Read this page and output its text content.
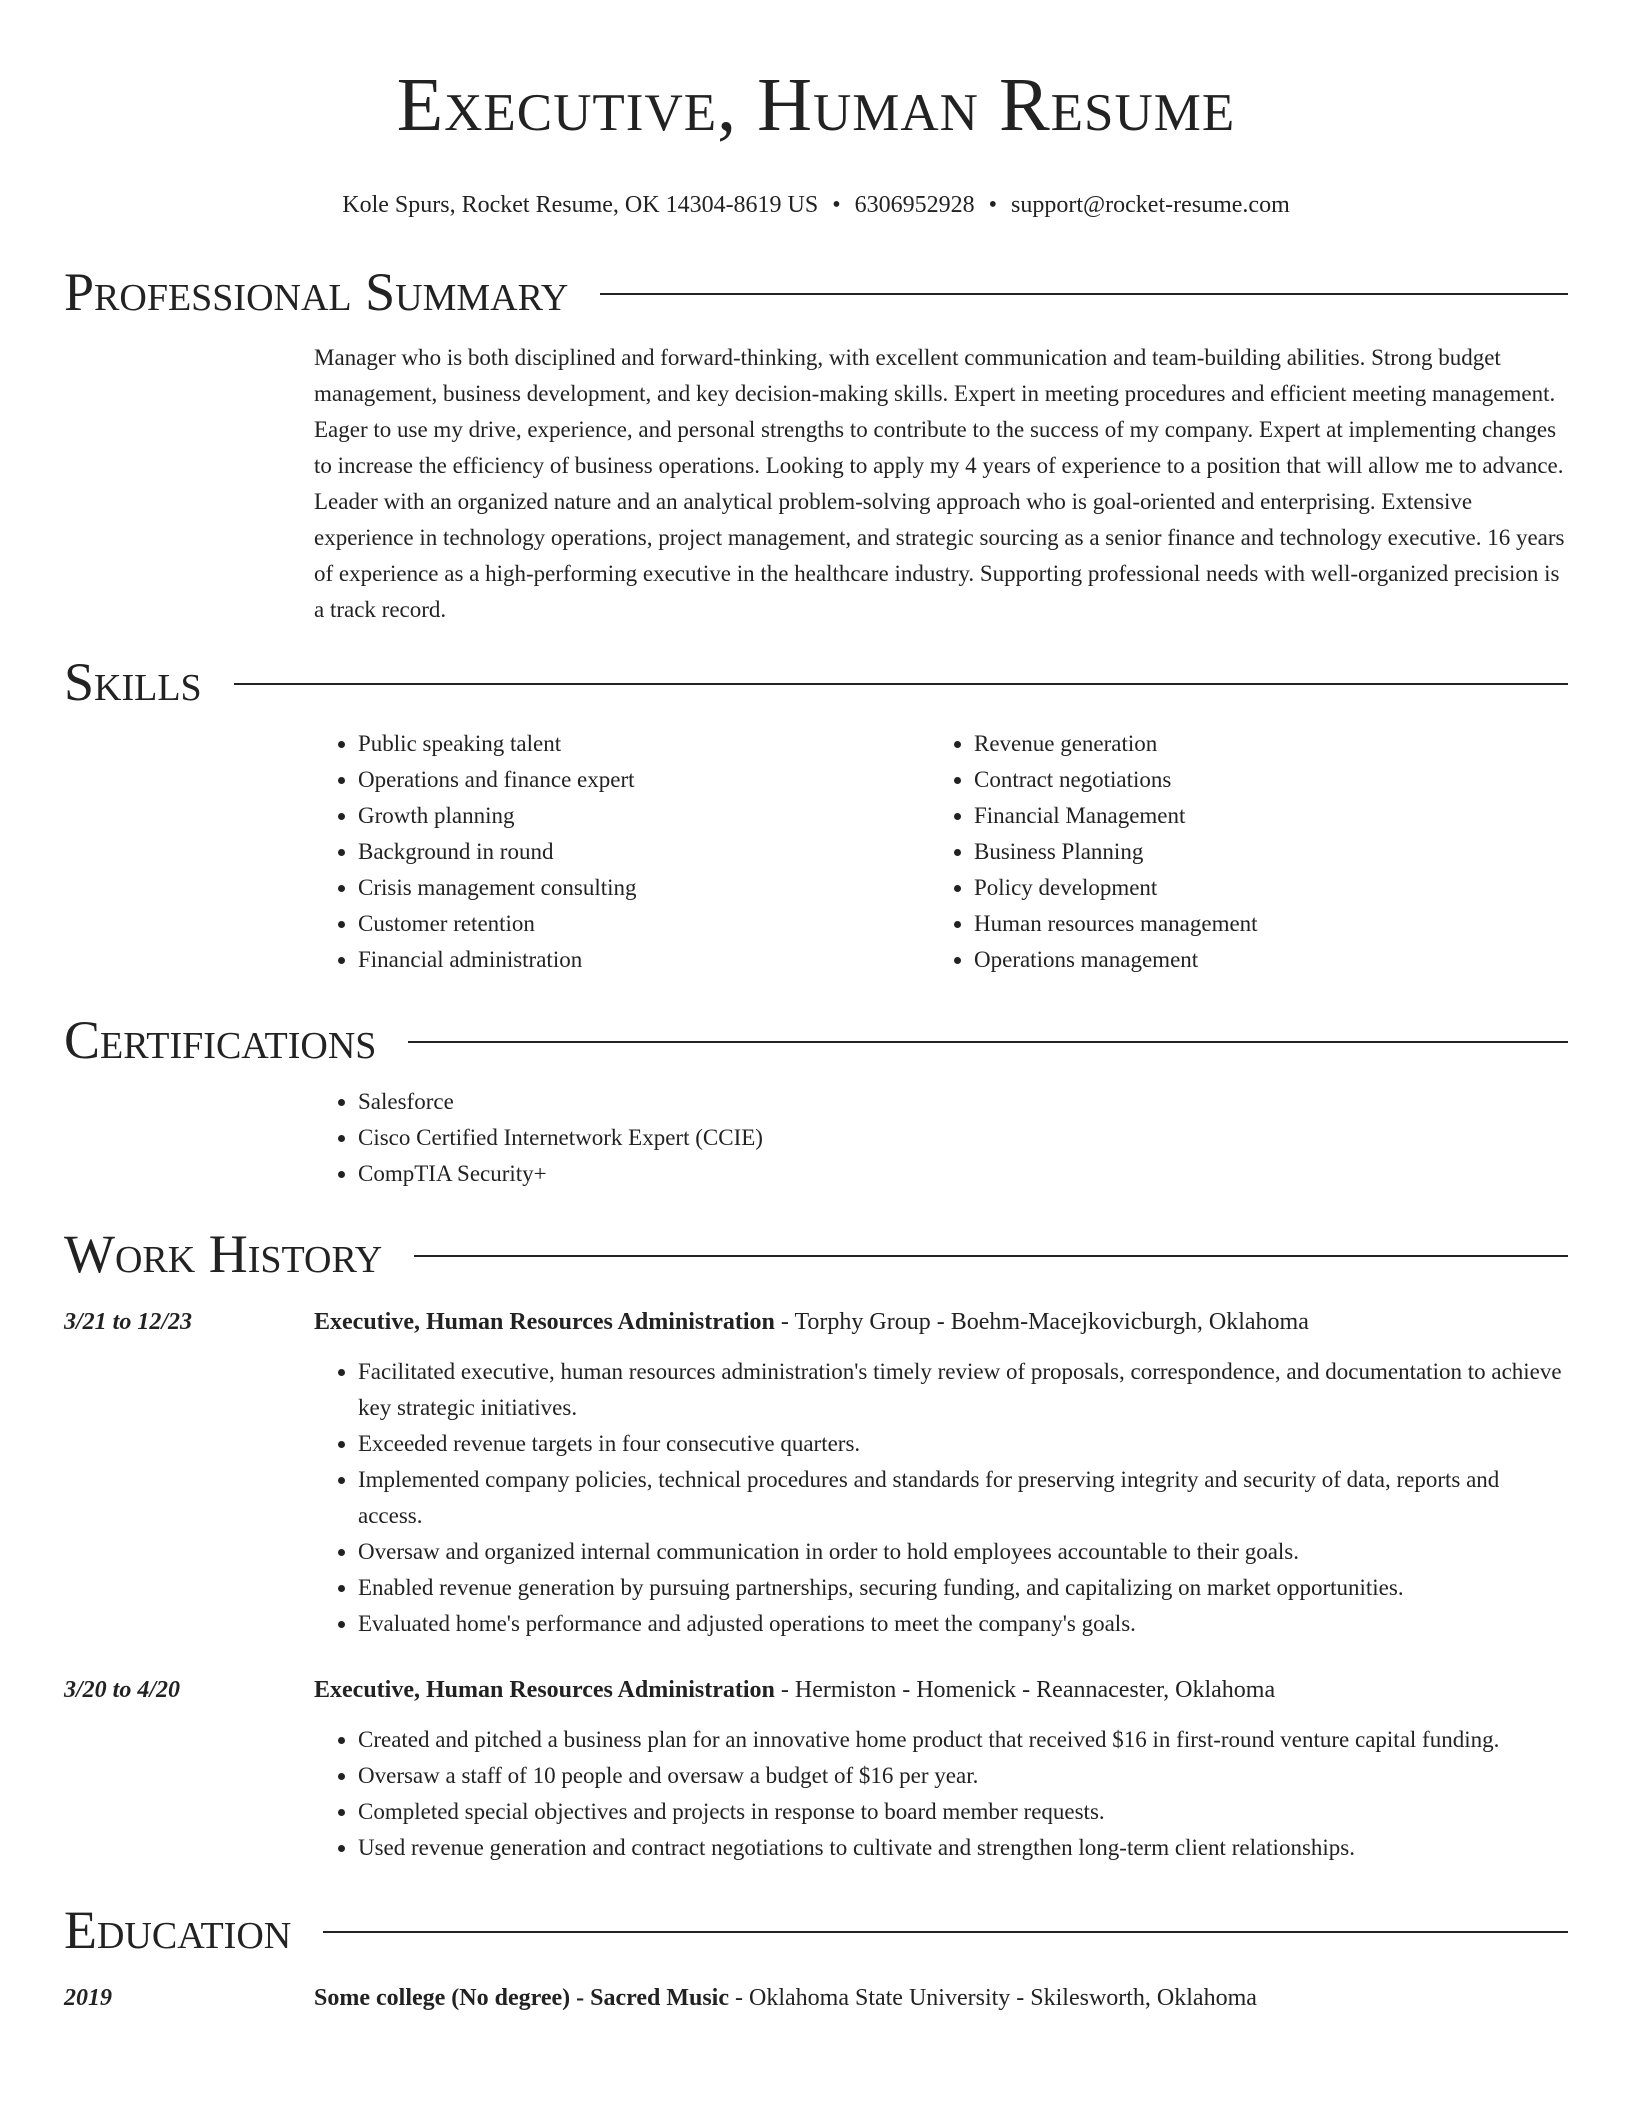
Executive, Human Resume
Kole Spurs, Rocket Resume, OK 14304-8619 US • 6306952928 • support@rocket-resume.com
Professional Summary
Manager who is both disciplined and forward-thinking, with excellent communication and team-building abilities. Strong budget management, business development, and key decision-making skills. Expert in meeting procedures and efficient meeting management. Eager to use my drive, experience, and personal strengths to contribute to the success of my company. Expert at implementing changes to increase the efficiency of business operations. Looking to apply my 4 years of experience to a position that will allow me to advance. Leader with an organized nature and an analytical problem-solving approach who is goal-oriented and enterprising. Extensive experience in technology operations, project management, and strategic sourcing as a senior finance and technology executive. 16 years of experience as a high-performing executive in the healthcare industry. Supporting professional needs with well-organized precision is a track record.
Skills
• Public speaking talent
• Operations and finance expert
• Growth planning
• Background in round
• Crisis management consulting
• Customer retention
• Financial administration
• Revenue generation
• Contract negotiations
• Financial Management
• Business Planning
• Policy development
• Human resources management
• Operations management
Certifications
• Salesforce
• Cisco Certified Internetwork Expert (CCIE)
• CompTIA Security+
Work History
3/21 to 12/23	Executive, Human Resources Administration - Torphy Group - Boehm-Macejkovicburgh, Oklahoma
• Facilitated executive, human resources administration's timely review of proposals, correspondence, and documentation to achieve key strategic initiatives.
• Exceeded revenue targets in four consecutive quarters.
• Implemented company policies, technical procedures and standards for preserving integrity and security of data, reports and access.
• Oversaw and organized internal communication in order to hold employees accountable to their goals.
• Enabled revenue generation by pursuing partnerships, securing funding, and capitalizing on market opportunities.
• Evaluated home's performance and adjusted operations to meet the company's goals.
3/20 to 4/20	Executive, Human Resources Administration - Hermiston - Homenick - Reannacester, Oklahoma
• Created and pitched a business plan for an innovative home product that received $16 in first-round venture capital funding.
• Oversaw a staff of 10 people and oversaw a budget of $16 per year.
• Completed special objectives and projects in response to board member requests.
• Used revenue generation and contract negotiations to cultivate and strengthen long-term client relationships.
Education
2019	Some college (No degree) - Sacred Music - Oklahoma State University - Skilesworth, Oklahoma
